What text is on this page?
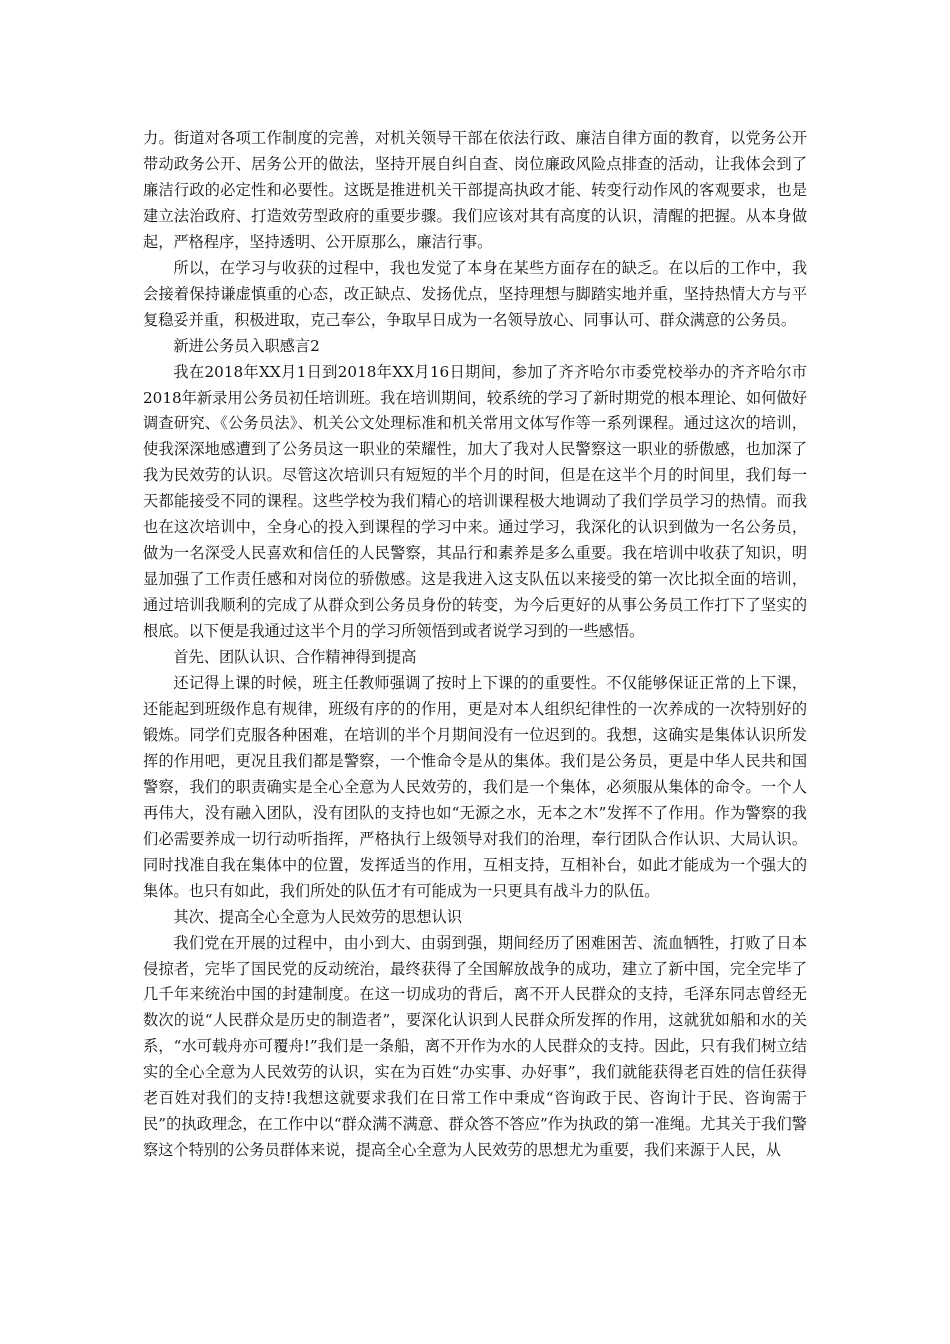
力。街道对各项工作制度的完善，对机关领导干部在依法行政、廉洁自律方面的教育，以党务公开带动政务公开、居务公开的做法，坚持开展自纠自查、岗位廉政风险点排查的活动，让我体会到了廉洁行政的必定性和必要性。这既是推进机关干部提高执政才能、转变行动作风的客观要求，也是建立法治政府、打造效劳型政府的重要步骤。我们应该对其有高度的认识，清醒的把握。从本身做起，严格程序，坚持透明、公开原那么，廉洁行事。

所以，在学习与收获的过程中，我也发觉了本身在某些方面存在的缺乏。在以后的工作中，我会接着保持谦虚慎重的心态，改正缺点、发扬优点，坚持理想与脚踏实地并重，坚持热情大方与平复稳妥并重，积极进取，克己奉公，争取早日成为一名领导放心、同事认可、群众满意的公务员。

新进公务员入职感言2

我在2018年XX月1日到2018年XX月16日期间，参加了齐齐哈尔市委党校举办的齐齐哈尔市2018年新录用公务员初任培训班。我在培训期间，较系统的学习了新时期党的根本理论、如何做好调查研究、《公务员法》、机关公文处理标准和机关常用文体写作等一系列课程。通过这次的培训，使我深深地感遭到了公务员这一职业的荣耀性，加大了我对人民警察这一职业的骄傲感，也加深了我为民效劳的认识。尽管这次培训只有短短的半个月的时间，但是在这半个月的时间里，我们每一天都能接受不同的课程。这些学校为我们精心的培训课程极大地调动了我们学员学习的热情。而我也在这次培训中，全身心的投入到课程的学习中来。通过学习，我深化的认识到做为一名公务员，做为一名深受人民喜欢和信任的人民警察，其品行和素养是多么重要。我在培训中收获了知识，明显加强了工作责任感和对岗位的骄傲感。这是我进入这支队伍以来接受的第一次比拟全面的培训，通过培训我顺利的完成了从群众到公务员身份的转变，为今后更好的从事公务员工作打下了坚实的根底。以下便是我通过这半个月的学习所领悟到或者说学习到的一些感悟。

首先、团队认识、合作精神得到提高

还记得上课的时候，班主任教师强调了按时上下课的的重要性。不仅能够保证正常的上下课，还能起到班级作息有规律，班级有序的的作用，更是对本人组织纪律性的一次养成的一次特别好的锻炼。同学们克服各种困难，在培训的半个月期间没有一位迟到的。我想，这确实是集体认识所发挥的作用吧，更况且我们都是警察，一个惟命令是从的集体。我们是公务员，更是中华人民共和国警察，我们的职责确实是全心全意为人民效劳的，我们是一个集体，必须服从集体的命令。一个人再伟大，没有融入团队，没有团队的支持也如“无源之水，无本之木”发挥不了作用。作为警察的我们必需要养成一切行动听指挥，严格执行上级领导对我们的治理，奉行团队合作认识、大局认识。同时找准自我在集体中的位置，发挥适当的作用，互相支持，互相补台，如此才能成为一个强大的集体。也只有如此，我们所处的队伍才有可能成为一只更具有战斗力的队伍。

其次、提高全心全意为人民效劳的思想认识

我们党在开展的过程中，由小到大、由弱到强，期间经历了困难困苦、流血牺牲，打败了日本侵掠者，完毕了国民党的反动统治，最终获得了全国解放战争的成功，建立了新中国，完全完毕了几千年来统治中国的封建制度。在这一切成功的背后，离不开人民群众的支持，毛泽东同志曾经无数次的说“人民群众是历史的制造者”，要深化认识到人民群众所发挥的作用，这就犹如船和水的关系，“水可载舟亦可覆舟!”我们是一条船，离不开作为水的人民群众的支持。因此，只有我们树立结实的全心全意为人民效劳的认识，实在为百姓“办实事、办好事”，我们就能获得老百姓的信任获得老百姓对我们的支持!我想这就要求我们在日常工作中秉成“咨询政于民、咨询计于民、咨询需于民”的执政理念，在工作中以“群众满不满意、群众答不答应”作为执政的第一准绳。尤其关于我们警察这个特别的公务员群体来说，提高全心全意为人民效劳的思想尤为重要，我们来源于人民，从
